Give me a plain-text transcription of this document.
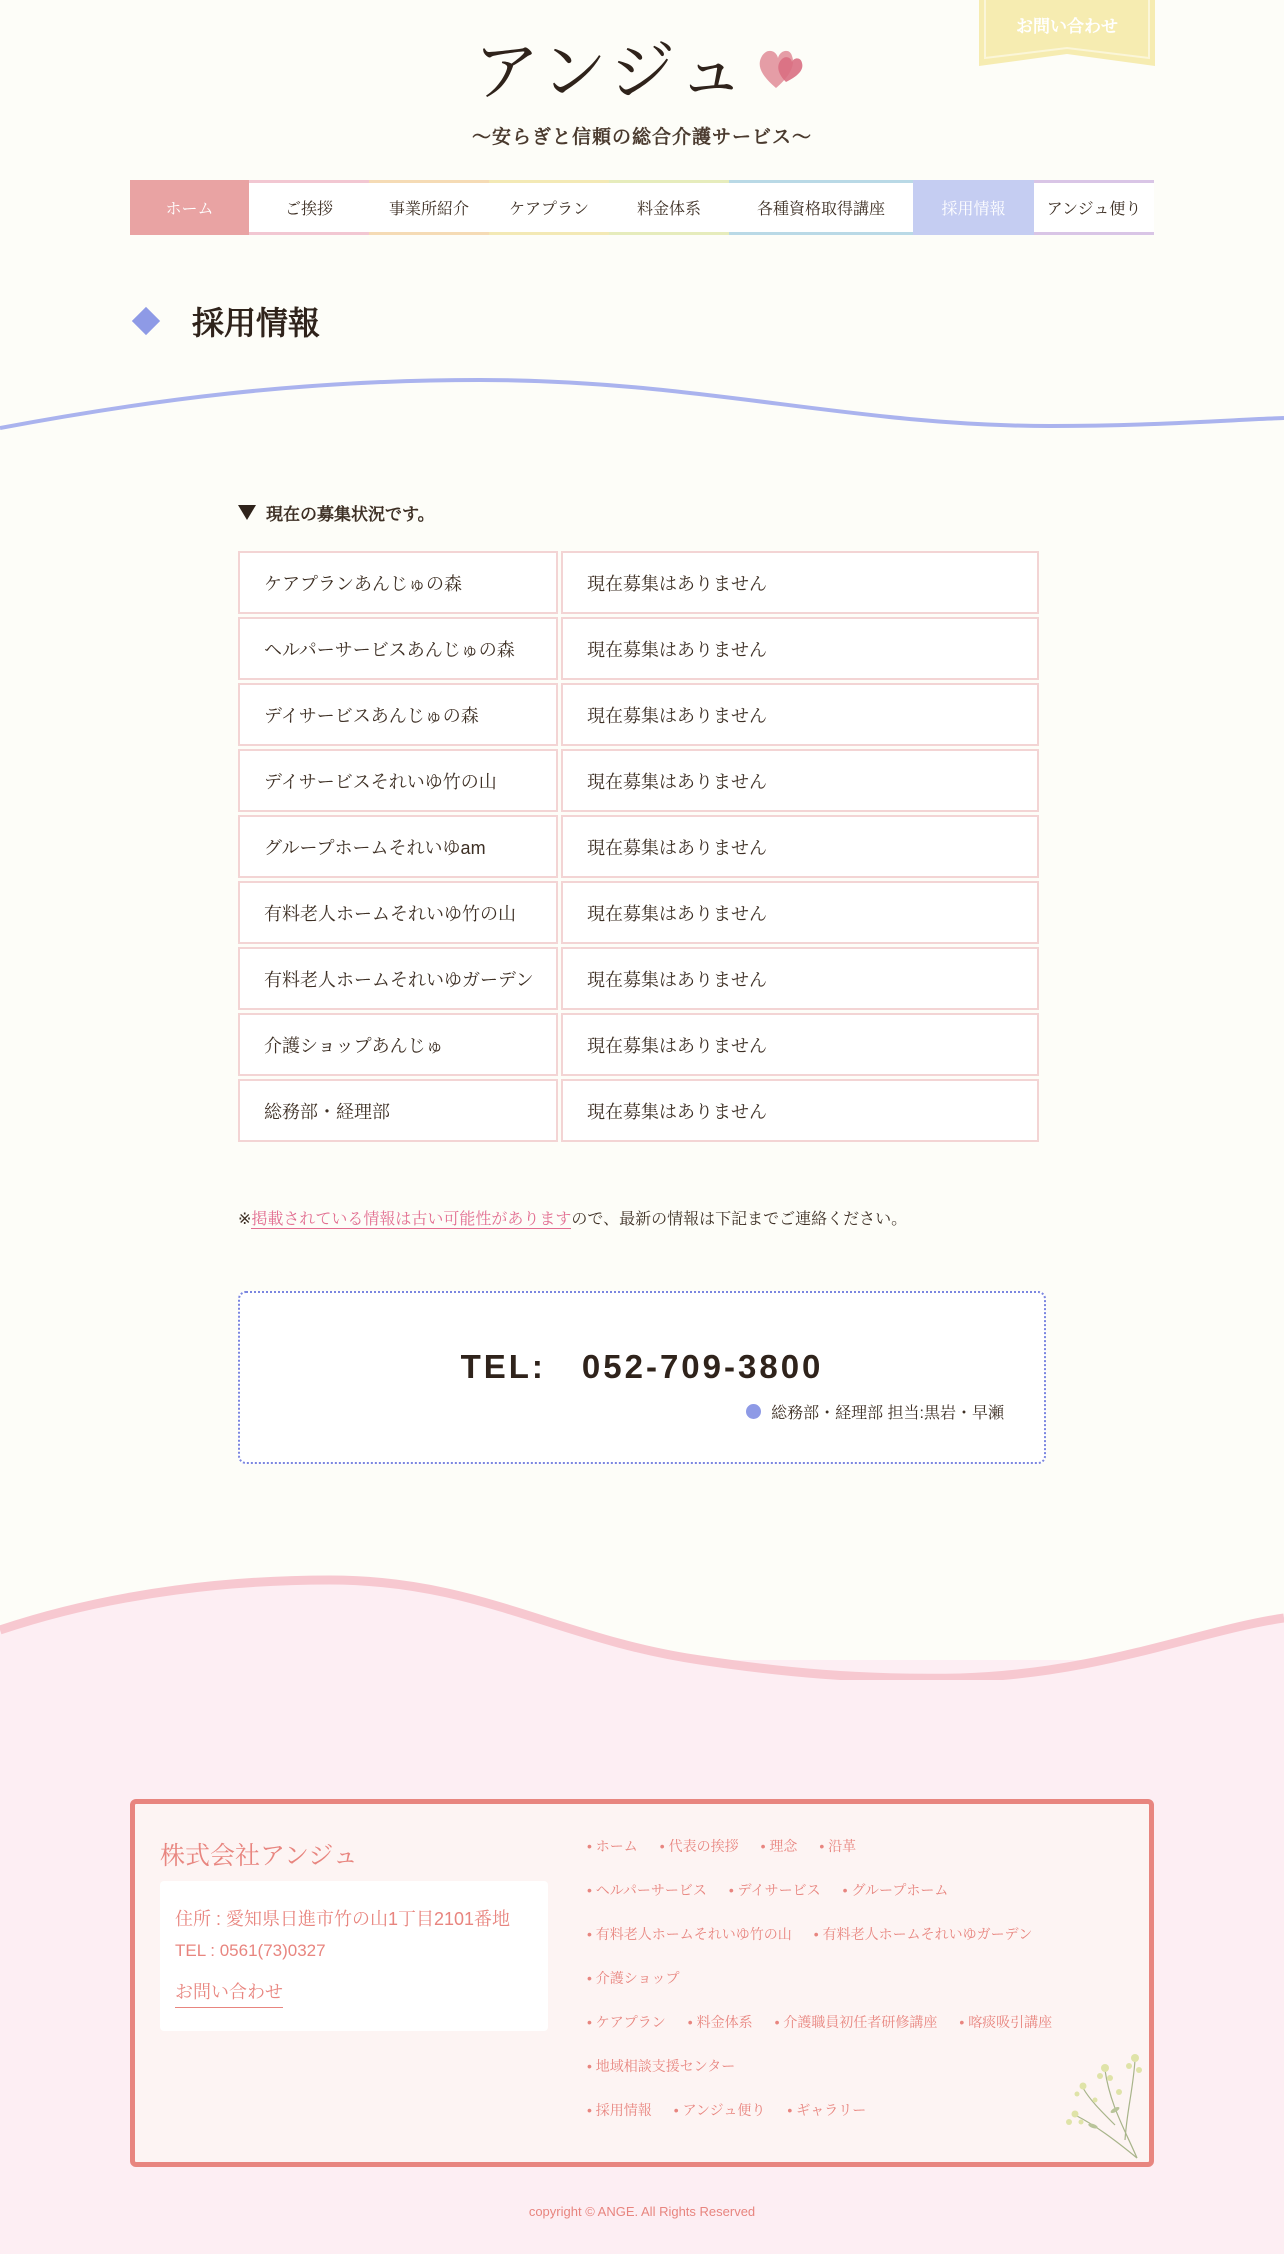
アンジュ
〜安らぎと信頼の総合介護サービス〜
お問い合わせ
ホーム	ご挨拶	事業所紹介 ケアプラン	料金体系	各種資格取得講座	採用情報	アンジュ便り
採用情報
現在の募集状況です。
ケアプランあんじゅの森	現在募集はありません
ヘルパーサービスあんじゅの森	現在募集はありません
デイサービスあんじゅの森	現在募集はありません
デイサービスそれいゆ竹の山	現在募集はありません
グループホームそれいゆam	現在募集はありません
有料老人ホームそれいゆ竹の山	現在募集はありません
有料老人ホームそれいゆガーデン	現在募集はありません
介護ショップあんじゅ	現在募集はありません
総務部・経理部	現在募集はありません
※掲載されている情報は古い可能性がありますので、最新の情報は下記までご連絡ください。
TEL:　052-709-3800
総務部・経理部 担当:黒岩・早瀬
株式会社アンジュ
住所 : 愛知県日進市竹の山1丁目2101番地
TEL : 0561(73)0327
お問い合わせ
• ホーム	• 代表の挨拶	• 理念	• 沿革
• ヘルパーサービス	• デイサービス	• グループホーム
• 有料老人ホームそれいゆ竹の山	• 有料老人ホームそれいゆガーデン
• 介護ショップ
• ケアプラン	• 料金体系	• 介護職員初任者研修講座	• 喀痰吸引講座
• 地域相談支援センター
• 採用情報	• アンジュ便り	• ギャラリー
copyright © ANGE. All Rights Reserved
